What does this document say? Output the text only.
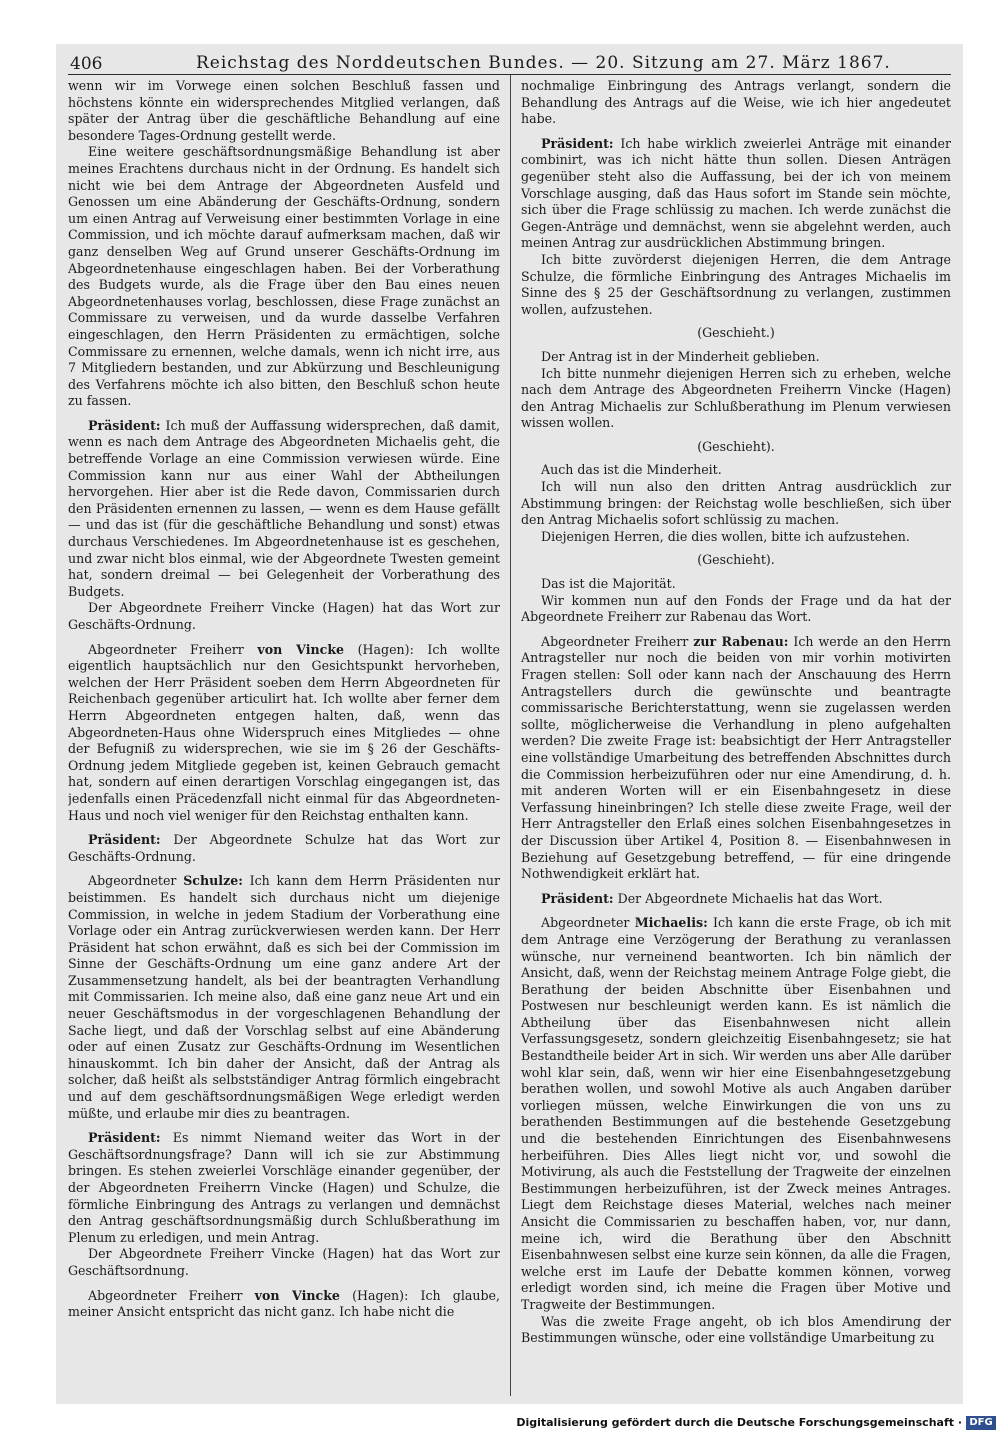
406	Reichstag des Norddeutschen Bundes. — 20. Sitzung am 27. März 1867.

wenn wir im Vorwege einen solchen Beschluß fassen und höchstens könnte ein widersprechendes Mitglied verlangen, daß später der Antrag über die geschäftliche Behandlung auf eine besondere Tages-Ordnung gestellt werde.

Eine weitere geschäftsordnungsmäßige Behandlung ist aber meines Erachtens durchaus nicht in der Ordnung. Es handelt sich nicht wie bei dem Antrage der Abgeordneten Ausfeld und Genossen um eine Abänderung der Geschäfts-Ordnung, sondern um einen Antrag auf Verweisung einer bestimmten Vorlage in eine Commission, und ich möchte darauf aufmerksam machen, daß wir ganz denselben Weg auf Grund unserer Geschäfts-Ordnung im Abgeordnetenhause eingeschlagen haben. Bei der Vorberathung des Budgets wurde, als die Frage über den Bau eines neuen Abgeordnetenhauses vorlag, beschlossen, diese Frage zunächst an Commissare zu verweisen, und da wurde dasselbe Verfahren eingeschlagen, den Herrn Präsidenten zu ermächtigen, solche Commissare zu ernennen, welche damals, wenn ich nicht irre, aus 7 Mitgliedern bestanden, und zur Abkürzung und Beschleunigung des Verfahrens möchte ich also bitten, den Beschluß schon heute zu fassen.

Präsident: Ich muß der Auffassung widersprechen, daß damit, wenn es nach dem Antrage des Abgeordneten Michaelis geht, die betreffende Vorlage an eine Commission verwiesen würde. Eine Commission kann nur aus einer Wahl der Abtheilungen hervorgehen. Hier aber ist die Rede davon, Commissarien durch den Präsidenten ernennen zu lassen, — wenn es dem Hause gefällt — und das ist (für die geschäftliche Behandlung und sonst) etwas durchaus Verschiedenes. Im Abgeordnetenhause ist es geschehen, und zwar nicht blos einmal, wie der Abgeordnete Twesten gemeint hat, sondern dreimal — bei Gelegenheit der Vorberathung des Budgets.

Der Abgeordnete Freiherr Vincke (Hagen) hat das Wort zur Geschäfts-Ordnung.

Abgeordneter Freiherr von Vincke (Hagen): Ich wollte eigentlich hauptsächlich nur den Gesichtspunkt hervorheben, welchen der Herr Präsident soeben dem Herrn Abgeordneten für Reichenbach gegenüber articulirt hat. Ich wollte aber ferner dem Herrn Abgeordneten entgegen halten, daß, wenn das Abgeordneten-Haus ohne Widerspruch eines Mitgliedes — ohne der Befugniß zu widersprechen, wie sie im § 26 der Geschäfts-Ordnung jedem Mitgliede gegeben ist, keinen Gebrauch gemacht hat, sondern auf einen derartigen Vorschlag eingegangen ist, das jedenfalls einen Präcedenzfall nicht einmal für das Abgeordneten-Haus und noch viel weniger für den Reichstag enthalten kann.

Präsident: Der Abgeordnete Schulze hat das Wort zur Geschäfts-Ordnung.

Abgeordneter Schulze: Ich kann dem Herrn Präsidenten nur beistimmen. Es handelt sich durchaus nicht um diejenige Commission, in welche in jedem Stadium der Vorberathung eine Vorlage oder ein Antrag zurückverwiesen werden kann. Der Herr Präsident hat schon erwähnt, daß es sich bei der Commission im Sinne der Geschäfts-Ordnung um eine ganz andere Art der Zusammensetzung handelt, als bei der beantragten Verhandlung mit Commissarien. Ich meine also, daß eine ganz neue Art und ein neuer Geschäftsmodus in der vorgeschlagenen Behandlung der Sache liegt, und daß der Vorschlag selbst auf eine Abänderung oder auf einen Zusatz zur Geschäfts-Ordnung im Wesentlichen hinauskommt. Ich bin daher der Ansicht, daß der Antrag als solcher, daß heißt als selbstständiger Antrag förmlich eingebracht und auf dem geschäftsordnungsmäßigen Wege erledigt werden müßte, und erlaube mir dies zu beantragen.

Präsident: Es nimmt Niemand weiter das Wort in der Geschäftsordnungsfrage? Dann will ich sie zur Abstimmung bringen. Es stehen zweierlei Vorschläge einander gegenüber, der der Abgeordneten Freiherrn Vincke (Hagen) und Schulze, die förmliche Einbringung des Antrags zu verlangen und demnächst den Antrag geschäftsordnungsmäßig durch Schlußberathung im Plenum zu erledigen, und mein Antrag.

Der Abgeordnete Freiherr Vincke (Hagen) hat das Wort zur Geschäftsordnung.

Abgeordneter Freiherr von Vincke (Hagen): Ich glaube, meiner Ansicht entspricht das nicht ganz. Ich habe nicht die

nochmalige Einbringung des Antrags verlangt, sondern die Behandlung des Antrags auf die Weise, wie ich hier angedeutet habe.

Präsident: Ich habe wirklich zweierlei Anträge mit einander combinirt, was ich nicht hätte thun sollen. Diesen Anträgen gegenüber steht also die Auffassung, bei der ich von meinem Vorschlage ausging, daß das Haus sofort im Stande sein möchte, sich über die Frage schlüssig zu machen. Ich werde zunächst die Gegen-Anträge und demnächst, wenn sie abgelehnt werden, auch meinen Antrag zur ausdrücklichen Abstimmung bringen.

Ich bitte zuvörderst diejenigen Herren, die dem Antrage Schulze, die förmliche Einbringung des Antrages Michaelis im Sinne des § 25 der Geschäftsordnung zu verlangen, zustimmen wollen, aufzustehen.

(Geschieht.)

Der Antrag ist in der Minderheit geblieben.

Ich bitte nunmehr diejenigen Herren sich zu erheben, welche nach dem Antrage des Abgeordneten Freiherrn Vincke (Hagen) den Antrag Michaelis zur Schlußberathung im Plenum verwiesen wissen wollen.

(Geschieht).

Auch das ist die Minderheit.

Ich will nun also den dritten Antrag ausdrücklich zur Abstimmung bringen: der Reichstag wolle beschließen, sich über den Antrag Michaelis sofort schlüssig zu machen.

Diejenigen Herren, die dies wollen, bitte ich aufzustehen.

(Geschieht).

Das ist die Majorität.

Wir kommen nun auf den Fonds der Frage und da hat der Abgeordnete Freiherr zur Rabenau das Wort.

Abgeordneter Freiherr zur Rabenau: Ich werde an den Herrn Antragsteller nur noch die beiden von mir vorhin motivirten Fragen stellen: Soll oder kann nach der Anschauung des Herrn Antragstellers durch die gewünschte und beantragte commissarische Berichterstattung, wenn sie zugelassen werden sollte, möglicherweise die Verhandlung in pleno aufgehalten werden? Die zweite Frage ist: beabsichtigt der Herr Antragsteller eine vollständige Umarbeitung des betreffenden Abschnittes durch die Commission herbeizuführen oder nur eine Amendirung, d. h. mit anderen Worten will er ein Eisenbahngesetz in diese Verfassung hineinbringen? Ich stelle diese zweite Frage, weil der Herr Antragsteller den Erlaß eines solchen Eisenbahngesetzes in der Discussion über Artikel 4, Position 8. — Eisenbahnwesen in Beziehung auf Gesetzgebung betreffend, — für eine dringende Nothwendigkeit erklärt hat.

Präsident: Der Abgeordnete Michaelis hat das Wort.

Abgeordneter Michaelis: Ich kann die erste Frage, ob ich mit dem Antrage eine Verzögerung der Berathung zu veranlassen wünsche, nur verneinend beantworten. Ich bin nämlich der Ansicht, daß, wenn der Reichstag meinem Antrage Folge giebt, die Berathung der beiden Abschnitte über Eisenbahnen und Postwesen nur beschleunigt werden kann. Es ist nämlich die Abtheilung über das Eisenbahnwesen nicht allein Verfassungsgesetz, sondern gleichzeitig Eisenbahngesetz; sie hat Bestandtheile beider Art in sich. Wir werden uns aber Alle darüber wohl klar sein, daß, wenn wir hier eine Eisenbahngesetzgebung berathen wollen, und sowohl Motive als auch Angaben darüber vorliegen müssen, welche Einwirkungen die von uns zu berathenden Bestimmungen auf die bestehende Gesetzgebung und die bestehenden Einrichtungen des Eisenbahnwesens herbeiführen. Dies Alles liegt nicht vor, und sowohl die Motivirung, als auch die Feststellung der Tragweite der einzelnen Bestimmungen herbeizuführen, ist der Zweck meines Antrages. Liegt dem Reichstage dieses Material, welches nach meiner Ansicht die Commissarien zu beschaffen haben, vor, nur dann, meine ich, wird die Berathung über den Abschnitt Eisenbahnwesen selbst eine kurze sein können, da alle die Fragen, welche erst im Laufe der Debatte kommen können, vorweg erledigt worden sind, ich meine die Fragen über Motive und Tragweite der Bestimmungen.

Was die zweite Frage angeht, ob ich blos Amendirung der Bestimmungen wünsche, oder eine vollständige Umarbeitung zu

Digitalisierung gefördert durch die Deutsche Forschungsgemeinschaft · DFG
